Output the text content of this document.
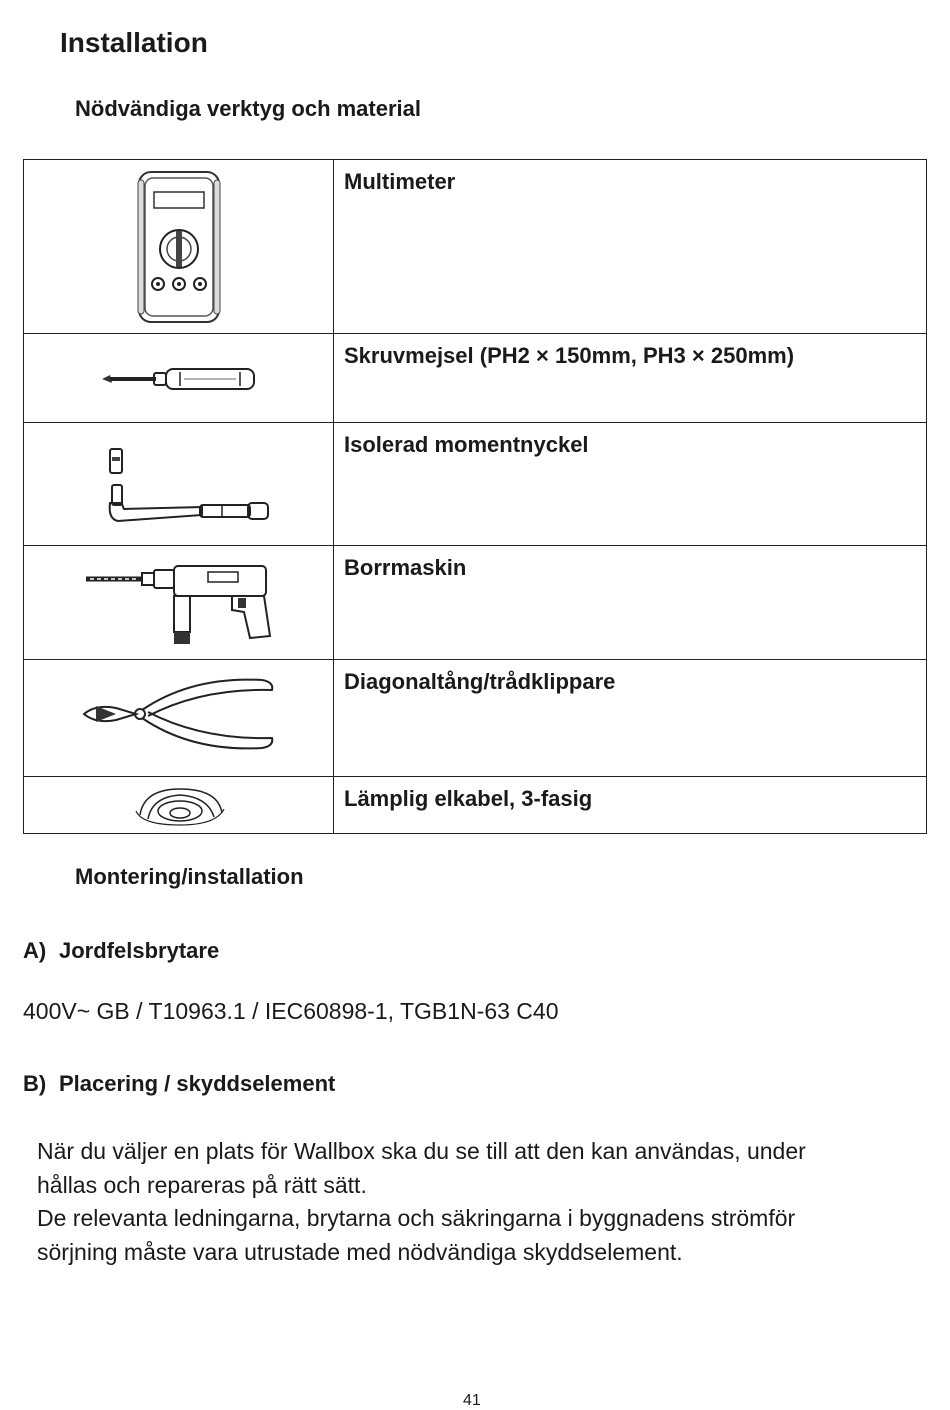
Installation
Nödvändiga verktyg och material
	Multimeter

	Skruvmejsel (PH2 × 150mm, PH3 × 250mm)

	Isolerad momentnyckel

	Borrmaskin

	Diagonaltång/trådklippare

	Lämplig elkabel, 3-fasig
Montering/installation
A) Jordfelsbrytare
400V~ GB / T10963.1 / IEC60898-1, TGB1N-63 C40
B) Placering / skyddselement
När du väljer en plats för Wallbox ska du se till att den kan användas, under
hållas och repareras på rätt sätt.
De relevanta ledningarna, brytarna och säkringarna i byggnadens strömför
sörjning måste vara utrustade med nödvändiga skyddselement.
41
